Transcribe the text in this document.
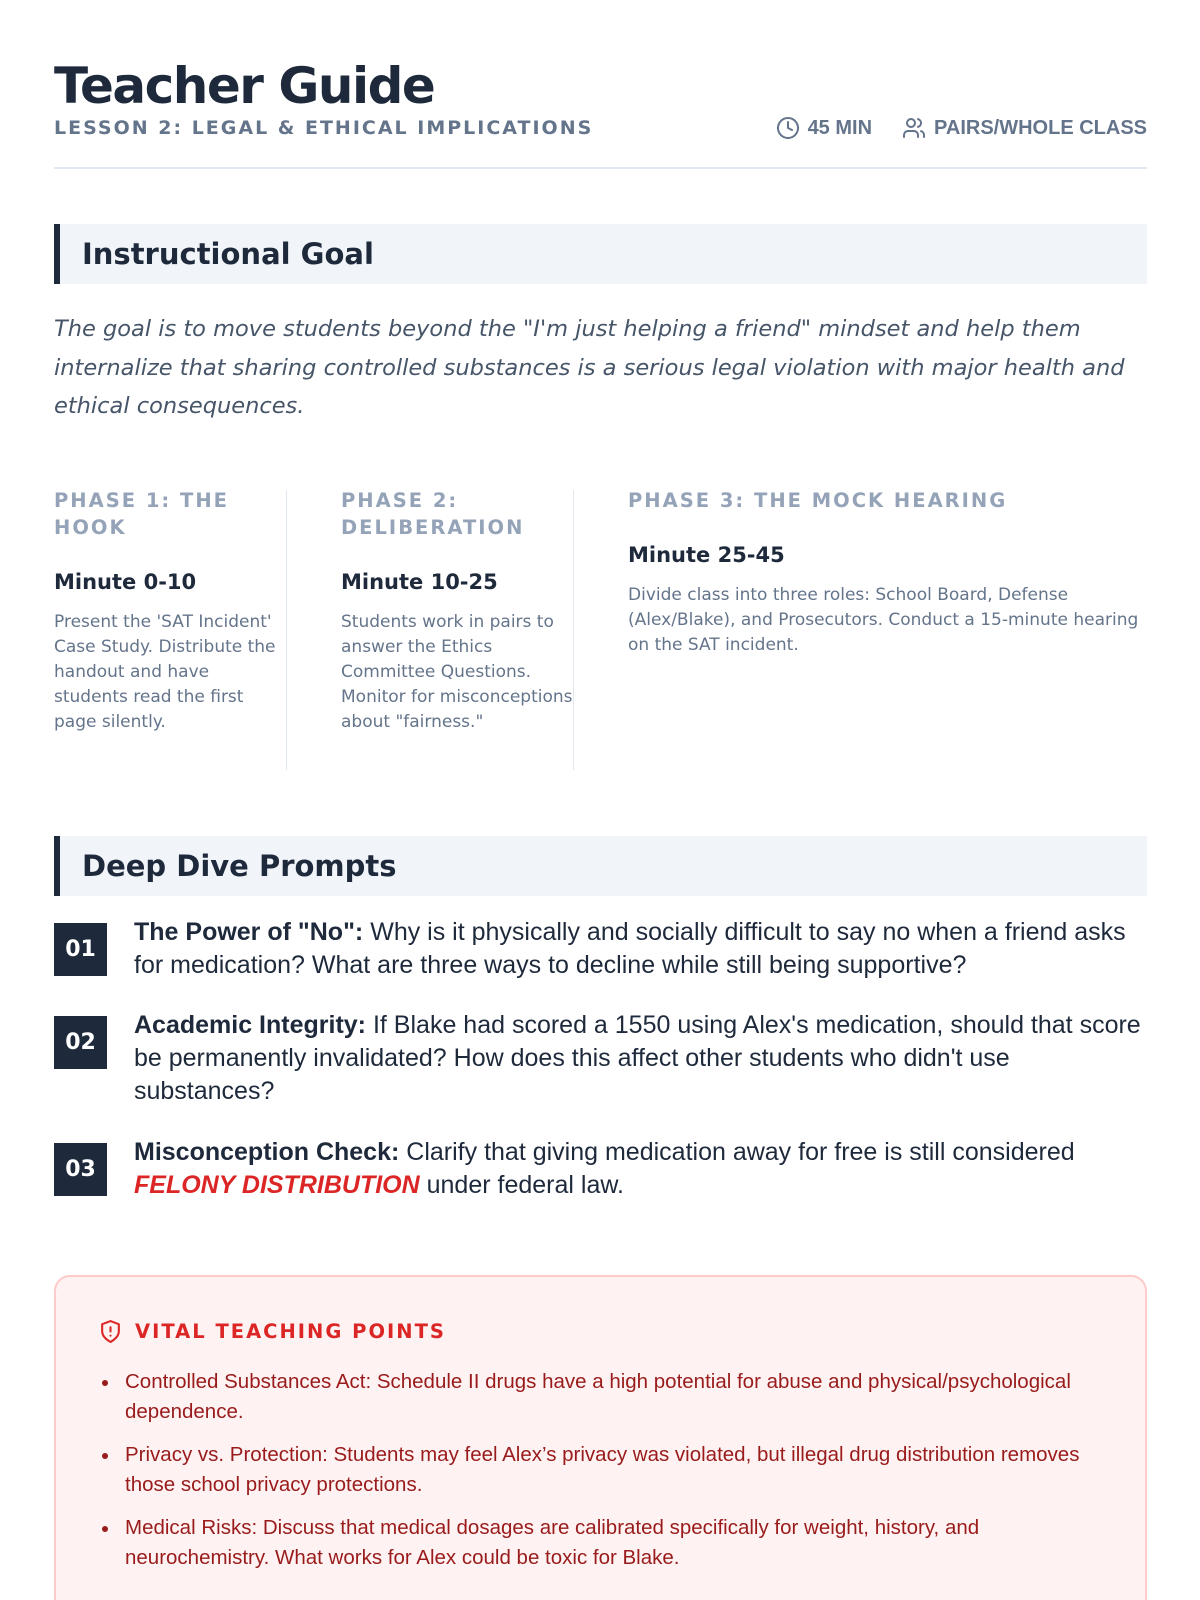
Teacher Guide
LESSON 2: LEGAL & ETHICAL IMPLICATIONS	45 MIN	PAIRS/WHOLE CLASS
Instructional Goal

The goal is to move students beyond the "I'm just helping a friend" mindset and help them internalize that sharing controlled substances is a serious legal violation with major health and ethical consequences.

PHASE 1: THE HOOK
Minute 0-10
Present the 'SAT Incident' Case Study. Distribute the handout and have students read the first page silently.
PHASE 2: DELIBERATION
Minute 10-25
Students work in pairs to answer the Ethics Committee Questions. Monitor for misconceptions about "fairness."
PHASE 3: THE MOCK HEARING
Minute 25-45
Divide class into three roles: School Board, Defense (Alex/Blake), and Prosecutors. Conduct a 15-minute hearing on the SAT incident.
Deep Dive Prompts
01
The Power of "No": Why is it physically and socially difficult to say no when a friend asks for medication? What are three ways to decline while still being supportive?
02
Academic Integrity: If Blake had scored a 1550 using Alex's medication, should that score be permanently invalidated? How does this affect other students who didn't use substances?
03
Misconception Check: Clarify that giving medication away for free is still considered
FELONY DISTRIBUTION under federal law.
VITAL TEACHING POINTS
Controlled Substances Act: Schedule II drugs have a high potential for abuse and physical/psychological dependence.
Privacy vs. Protection: Students may feel Alex’s privacy was violated, but illegal drug distribution removes those school privacy protections.
Medical Risks: Discuss that medical dosages are calibrated specifically for weight, history, and neurochemistry. What works for Alex could be toxic for Blake.
